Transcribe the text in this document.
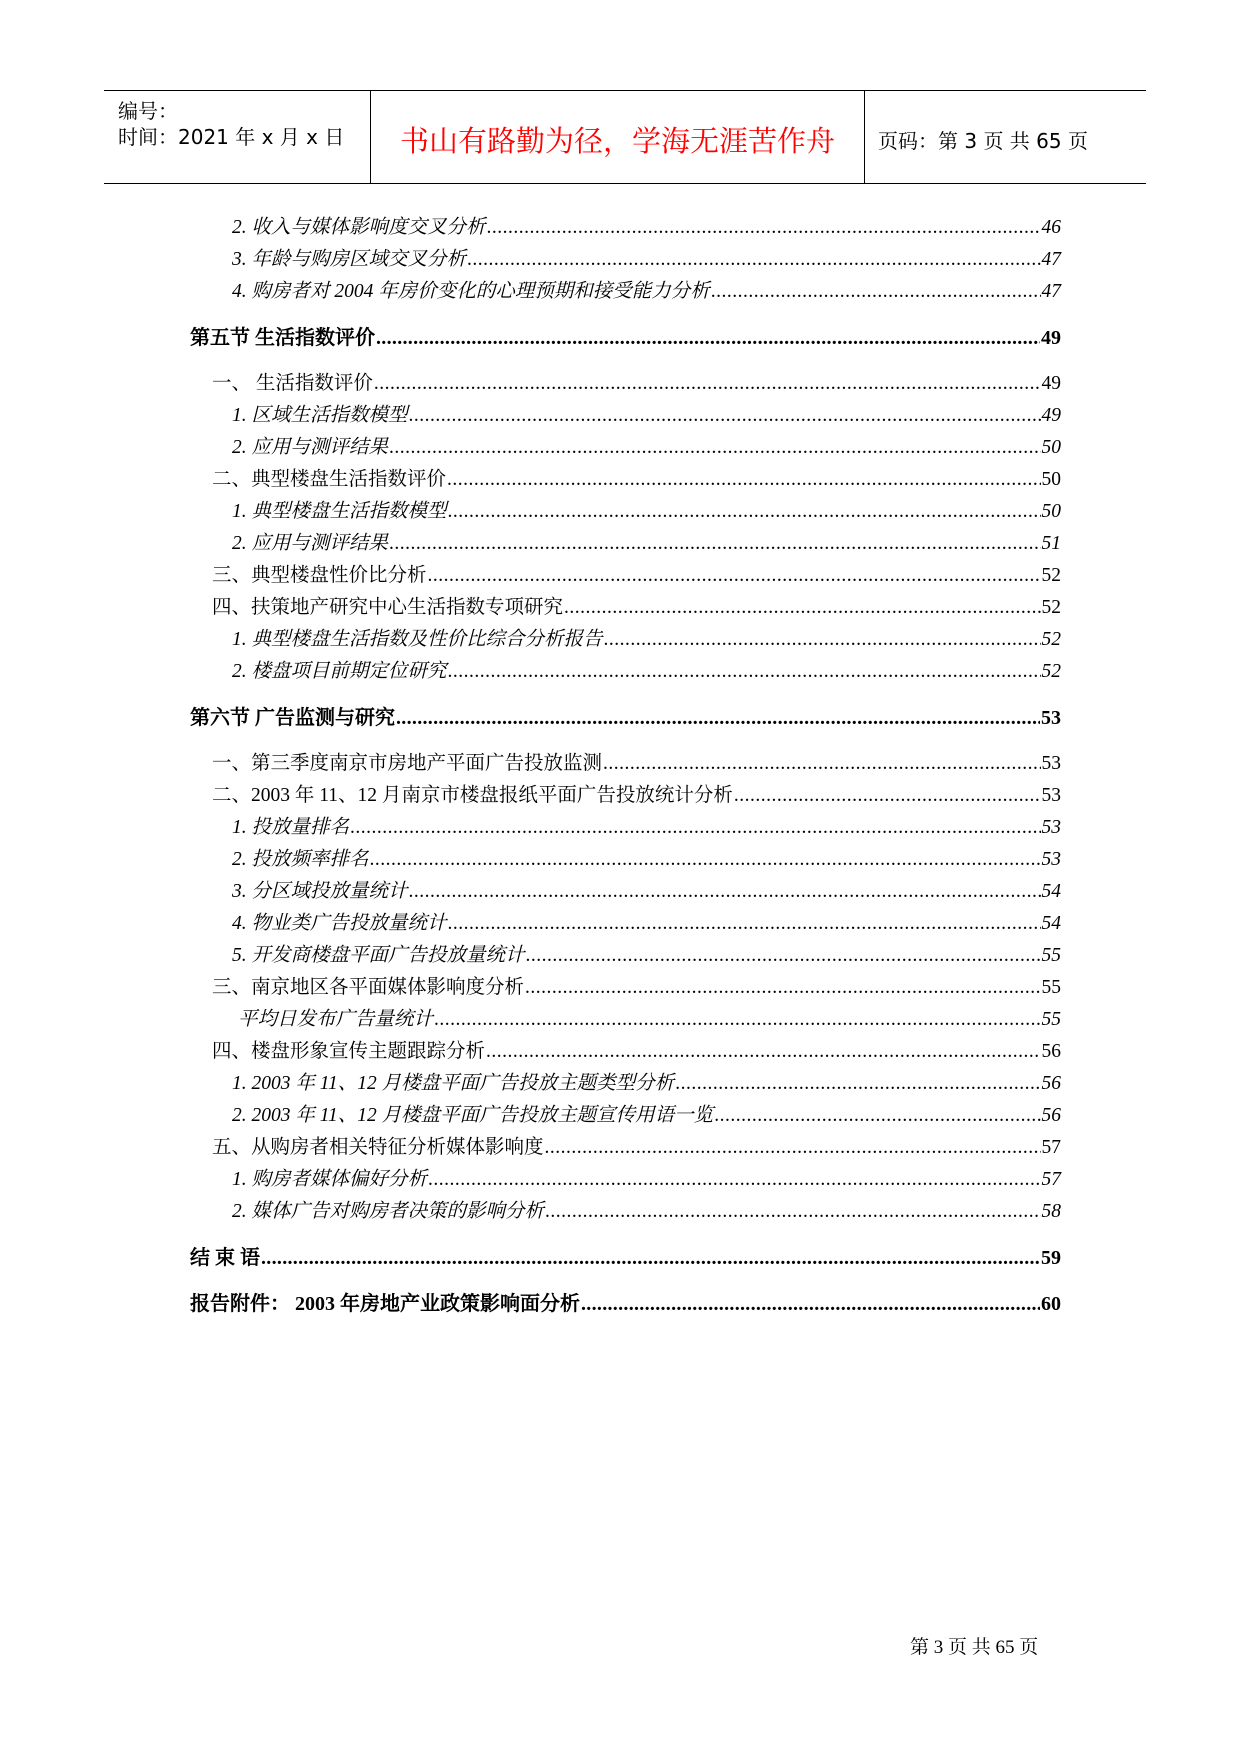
编号：
时间：2021 年 x 月 x 日	书山有路勤为径，学海无涯苦作舟	页码：第 3 页 共 65 页
2. 收入与媒体影响度交叉分析 .....	46
3. 年龄与购房区域交叉分析 .....	47
4. 购房者对 2004 年房价变化的心理预期和接受能力分析 .....	47
第五节 生活指数评价 .....	49
一、 生活指数评价 .....	49
1. 区域生活指数模型 .....	49
2. 应用与测评结果 .....	50
二、典型楼盘生活指数评价 .....	50
1. 典型楼盘生活指数模型 .....	50
2. 应用与测评结果 .....	51
三、典型楼盘性价比分析 .....	52
四、扶策地产研究中心生活指数专项研究 .....	52
1. 典型楼盘生活指数及性价比综合分析报告 .....	52
2. 楼盘项目前期定位研究 .....	52
第六节 广告监测与研究 .....	53
一、第三季度南京市房地产平面广告投放监测 .....	53
二、2003 年 11、12 月南京市楼盘报纸平面广告投放统计分析 .....	53
1. 投放量排名 .....	53
2. 投放频率排名 .....	53
3. 分区域投放量统计 .....	54
4. 物业类广告投放量统计 .....	54
5. 开发商楼盘平面广告投放量统计 .....	55
三、南京地区各平面媒体影响度分析 .....	55
平均日发布广告量统计 .....	55
四、楼盘形象宣传主题跟踪分析 .....	56
1. 2003 年 11、12 月楼盘平面广告投放主题类型分析 .....	56
2. 2003 年 11、12 月楼盘平面广告投放主题宣传用语一览 .....	56
五、从购房者相关特征分析媒体影响度 .....	57
1. 购房者媒体偏好分析 .....	57
2. 媒体广告对购房者决策的影响分析 .....	58
结 束 语 .....	59
报告附件： 2003 年房地产业政策影响面分析 .....	60
第 3 页 共 65 页
